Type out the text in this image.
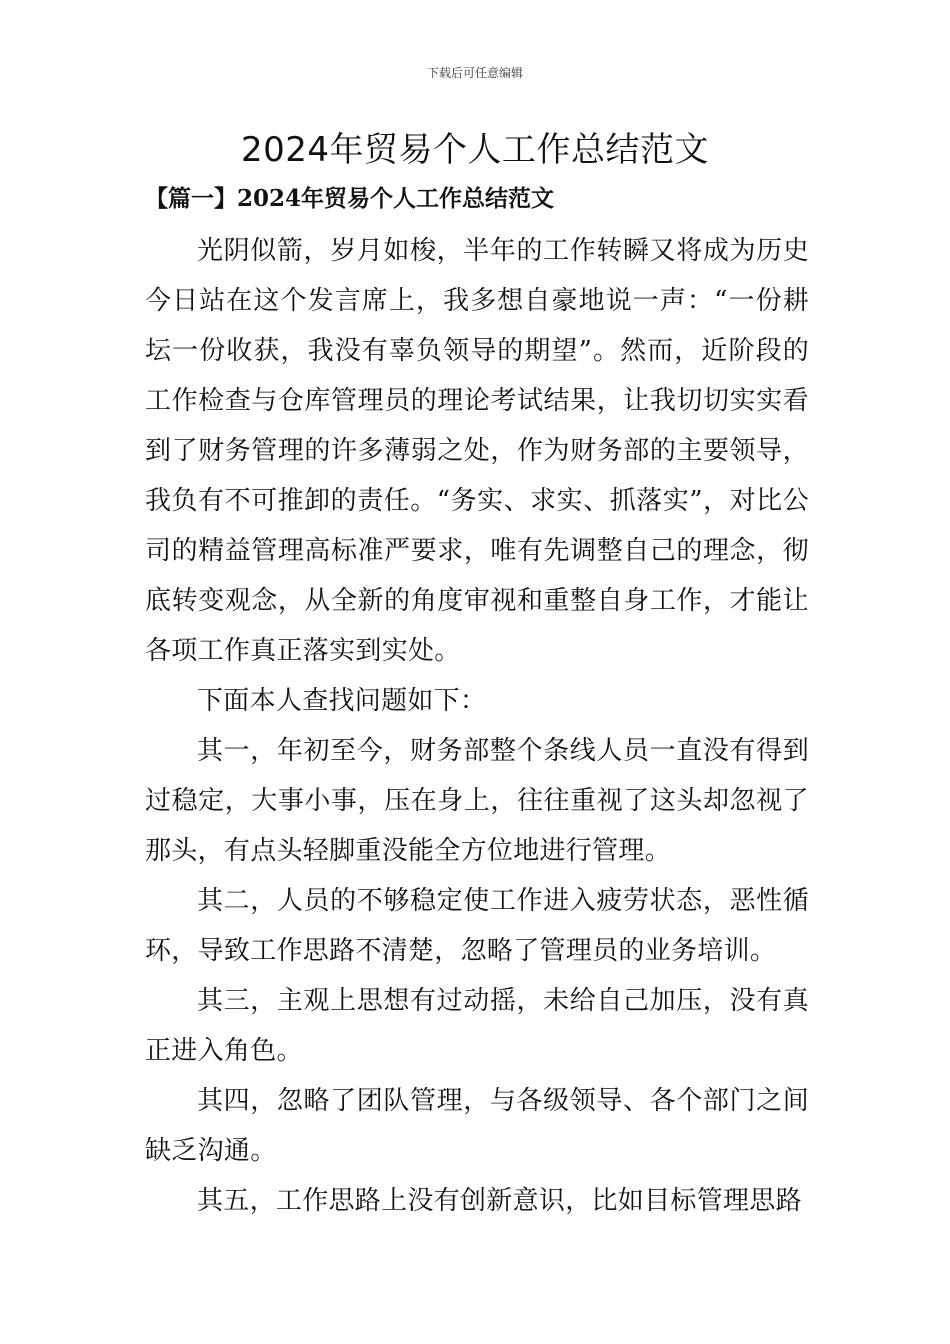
下载后可任意编辑
2024年贸易个人工作总结范文
【篇一】2024年贸易个人工作总结范文

光阴似箭，岁月如梭，半年的工作转瞬又将成为历史今日站在这个发言席上，我多想自豪地说一声：“一份耕坛一份收获，我没有辜负领导的期望”。然而，近阶段的工作检查与仓库管理员的理论考试结果，让我切切实实看到了财务管理的许多薄弱之处，作为财务部的主要领导，我负有不可推卸的责任。“务实、求实、抓落实”，对比公司的精益管理高标准严要求，唯有先调整自己的理念，彻底转变观念，从全新的角度审视和重整自身工作，才能让各项工作真正落实到实处。

下面本人查找问题如下：

其一，年初至今，财务部整个条线人员一直没有得到过稳定，大事小事，压在身上，往往重视了这头却忽视了那头，有点头轻脚重没能全方位地进行管理。

其二，人员的不够稳定使工作进入疲劳状态，恶性循环，导致工作思路不清楚，忽略了管理员的业务培训。

其三，主观上思想有过动摇，未给自己加压，没有真正进入角色。

其四，忽略了团队管理，与各级领导、各个部门之间缺乏沟通。

其五，工作思路上没有创新意识，比如目标管理思路
